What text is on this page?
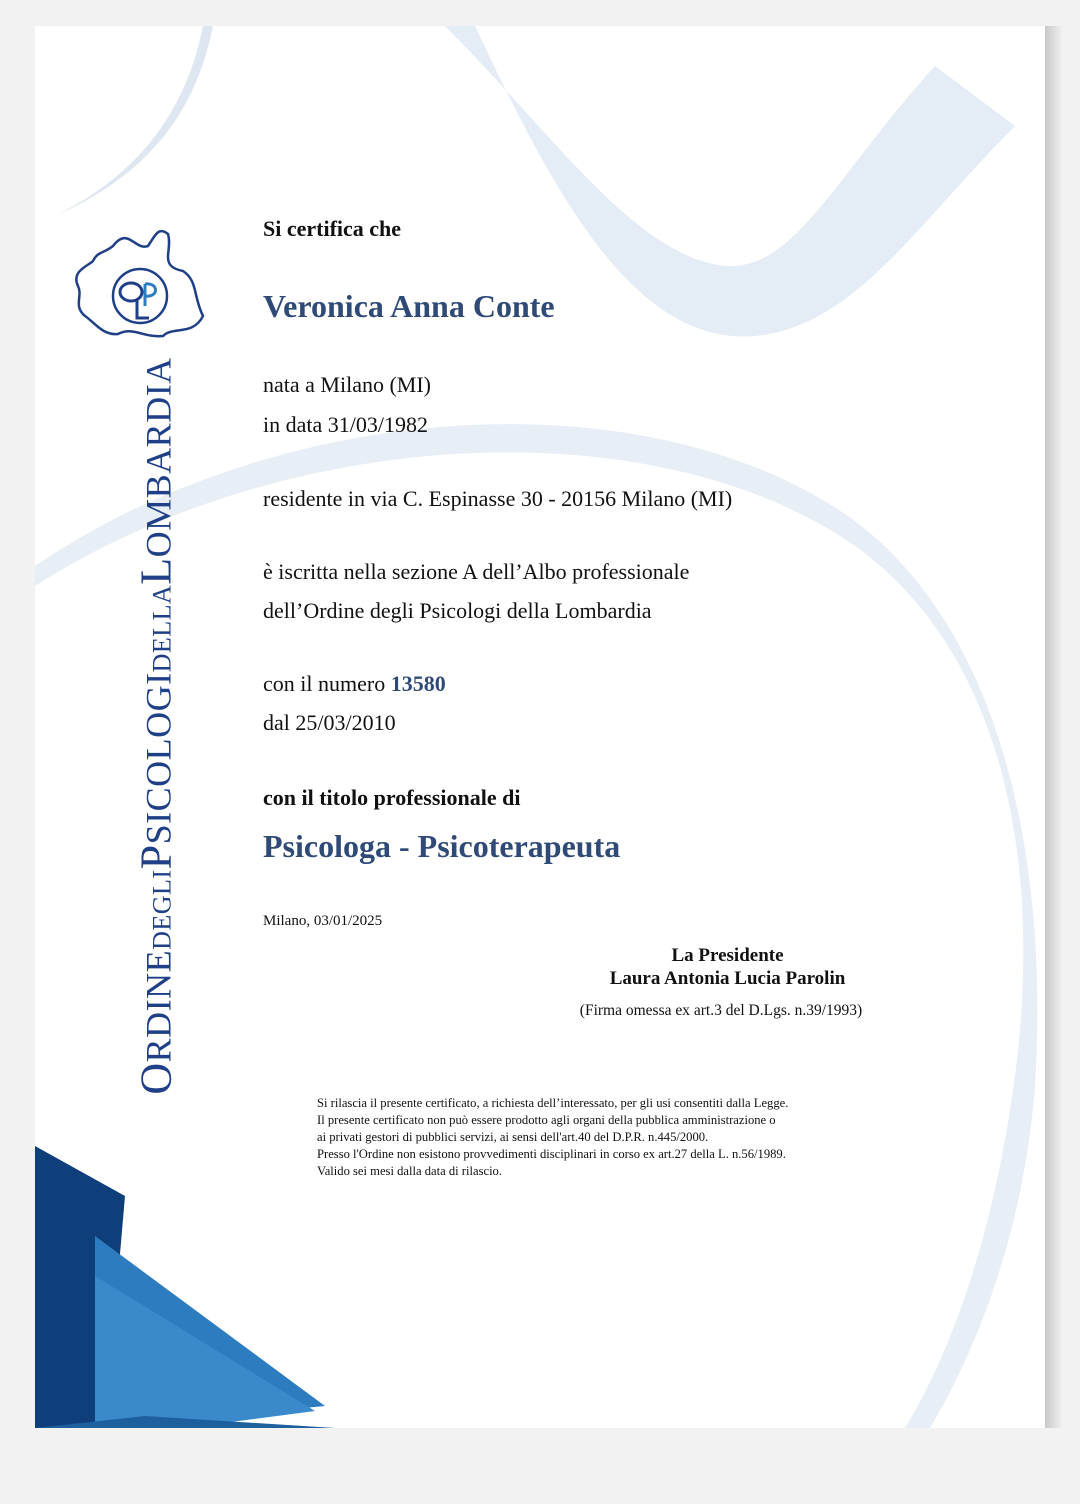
ORDINEDEGLIPSICOLOGIDELLALOMBARDIA
Si certifica che
Veronica Anna Conte
nata a Milano (MI)
in data 31/03/1982
residente in via C. Espinasse 30 - 20156 Milano (MI)
è iscritta nella sezione A dell’Albo professionale
dell’Ordine degli Psicologi della Lombardia
con il numero 13580
dal 25/03/2010
con il titolo professionale di
Psicologa - Psicoterapeuta
Milano, 03/01/2025
La Presidente
Laura Antonia Lucia Parolin
(Firma omessa ex art.3 del D.Lgs. n.39/1993)
Si rilascia il presente certificato, a richiesta dell’interessato, per gli usi consentiti dalla Legge.
Il presente certificato non può essere prodotto agli organi della pubblica amministrazione o
ai privati gestori di pubblici servizi, ai sensi dell'art.40 del D.P.R. n.445/2000.
Presso l'Ordine non esistono provvedimenti disciplinari in corso ex art.27 della L. n.56/1989.
Valido sei mesi dalla data di rilascio.
